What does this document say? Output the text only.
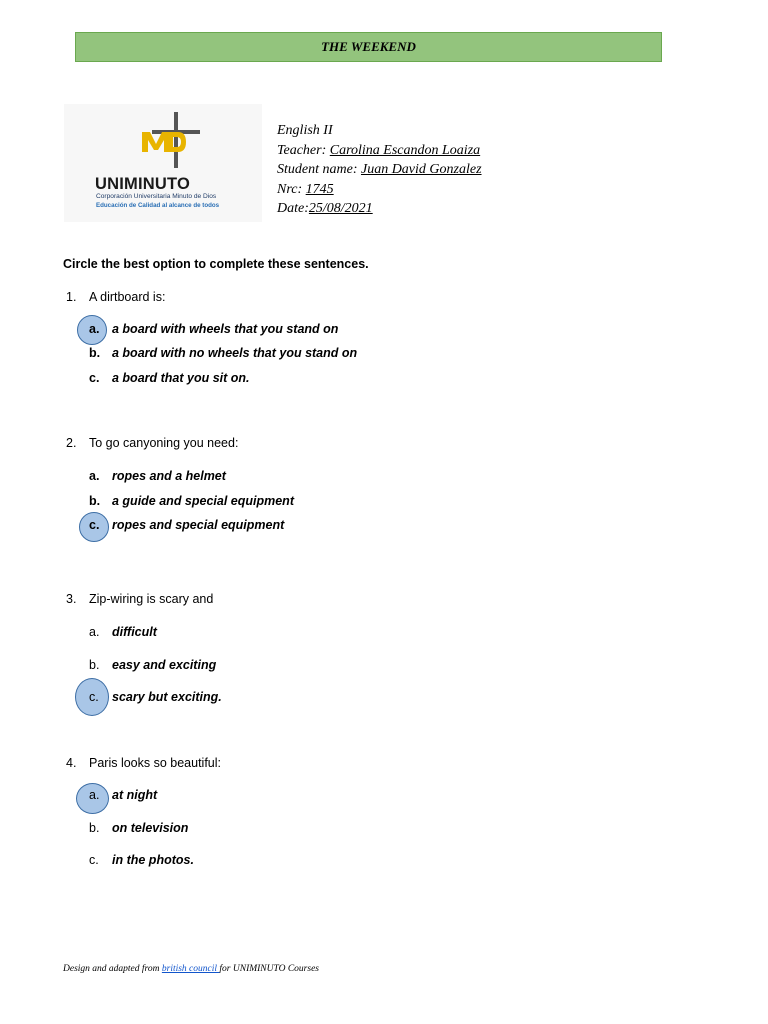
THE WEEKEND
UNIMINUTO
Corporación Universitaria Minuto de Dios
Educación de Calidad al alcance de todos
English II
Teacher: Carolina Escandon Loaiza
Student name: Juan David Gonzalez
Nrc: 1745
Date:25/08/2021
Circle the best option to complete these sentences.
1. A dirtboard is:
a. a board with wheels that you stand on
b. a board with no wheels that you stand on
c. a board that you sit on.
2. To go canyoning you need:
a. ropes and a helmet
b. a guide and special equipment
c. ropes and special equipment
3. Zip-wiring is scary and
a. difficult
b. easy and exciting
c. scary but exciting.
4. Paris looks so beautiful:
a. at night
b. on television
c. in the photos.
Design and adapted from british council for UNIMINUTO Courses
